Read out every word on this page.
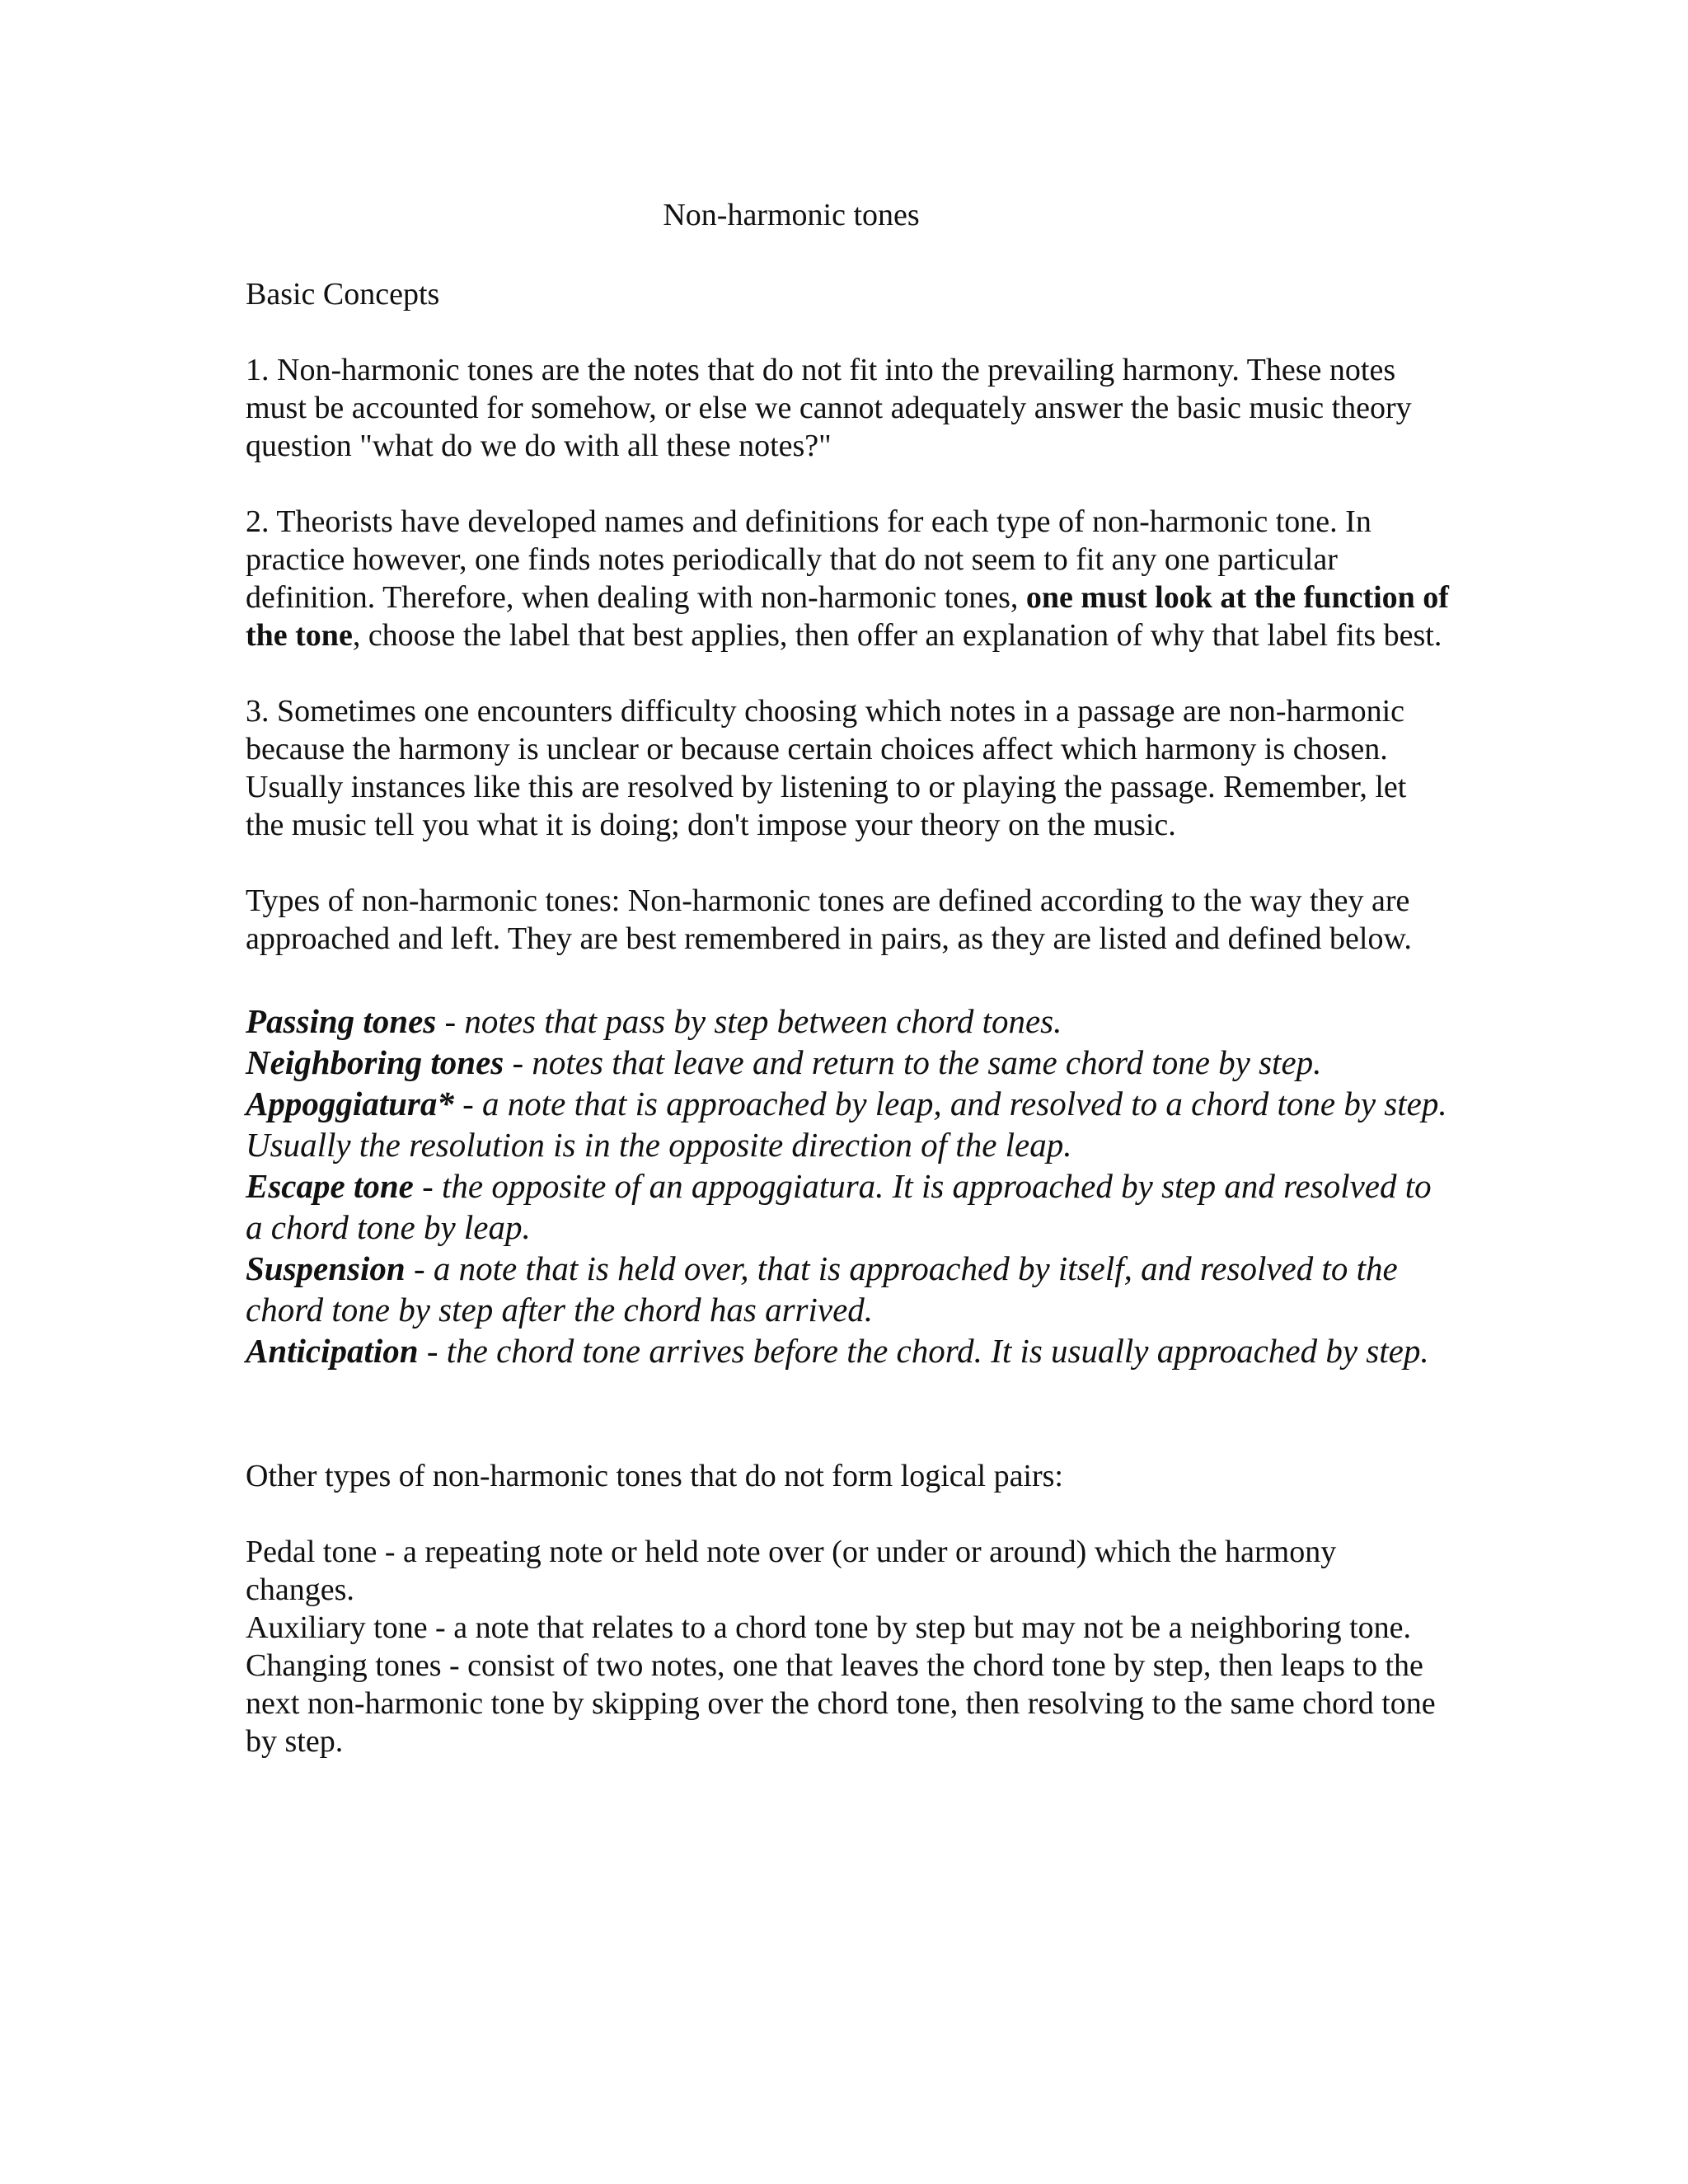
Non-harmonic tones
Basic Concepts

1. Non-harmonic tones are the notes that do not fit into the prevailing harmony. These notes must be accounted for somehow, or else we cannot adequately answer the basic music theory question "what do we do with all these notes?"

2. Theorists have developed names and definitions for each type of non-harmonic tone. In practice however, one finds notes periodically that do not seem to fit any one particular definition. Therefore, when dealing with non-harmonic tones, one must look at the function of the tone, choose the label that best applies, then offer an explanation of why that label fits best.

3. Sometimes one encounters difficulty choosing which notes in a passage are non-harmonic because the harmony is unclear or because certain choices affect which harmony is chosen. Usually instances like this are resolved by listening to or playing the passage. Remember, let the music tell you what it is doing; don't impose your theory on the music.

Types of non-harmonic tones: Non-harmonic tones are defined according to the way they are approached and left. They are best remembered in pairs, as they are listed and defined below.

Passing tones - notes that pass by step between chord tones.
Neighboring tones - notes that leave and return to the same chord tone by step.
Appoggiatura* - a note that is approached by leap, and resolved to a chord tone by step. Usually the resolution is in the opposite direction of the leap.
Escape tone - the opposite of an appoggiatura. It is approached by step and resolved to a chord tone by leap.
Suspension - a note that is held over, that is approached by itself, and resolved to the chord tone by step after the chord has arrived.
Anticipation - the chord tone arrives before the chord. It is usually approached by step.

Other types of non-harmonic tones that do not form logical pairs:

Pedal tone - a repeating note or held note over (or under or around) which the harmony changes.
Auxiliary tone - a note that relates to a chord tone by step but may not be a neighboring tone.
Changing tones - consist of two notes, one that leaves the chord tone by step, then leaps to the next non-harmonic tone by skipping over the chord tone, then resolving to the same chord tone by step.
